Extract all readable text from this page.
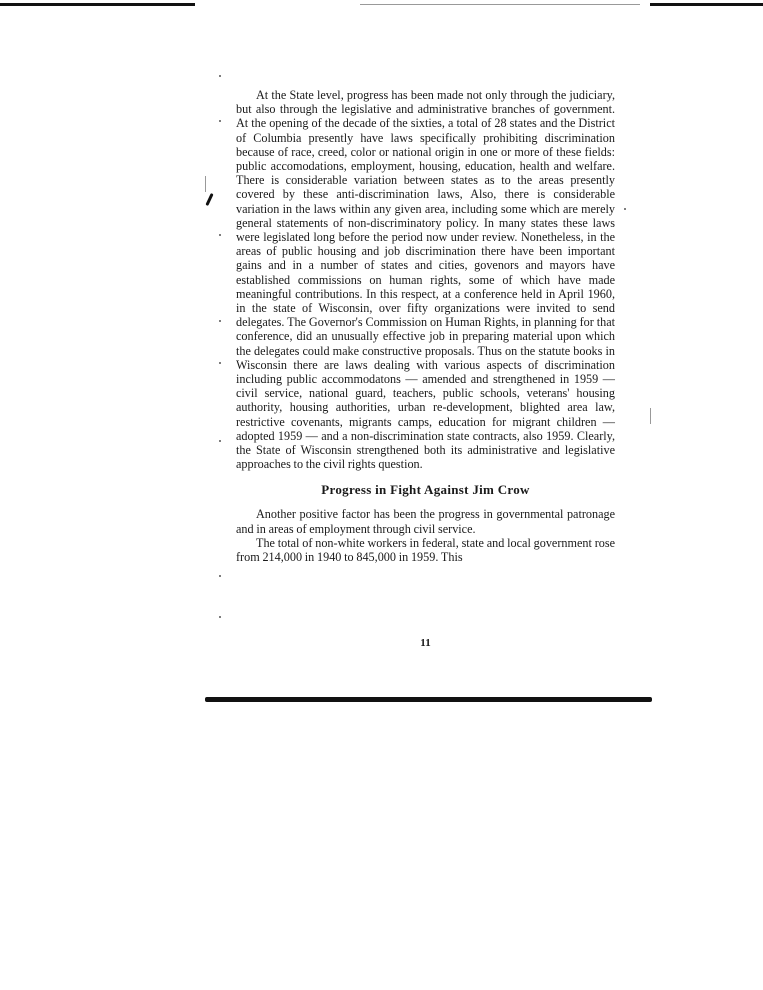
At the State level, progress has been made not only through the judiciary, but also through the legislative and administrative branches of government. At the opening of the decade of the sixties, a total of 28 states and the District of Columbia presently have laws specifically prohibiting discrimination because of race, creed, color or national origin in one or more of these fields: public accomodations, employment, housing, education, health and welfare. There is considerable variation between states as to the areas presently covered by these anti-discrimination laws, Also, there is considerable variation in the laws within any given area, including some which are merely general statements of non-discriminatory policy. In many states these laws were legislated long before the period now under review. Nonetheless, in the areas of public housing and job discrimination there have been important gains and in a number of states and cities, govenors and mayors have established commissions on human rights, some of which have made meaningful contributions. In this respect, at a conference held in April 1960, in the state of Wisconsin, over fifty organizations were invited to send delegates. The Governor's Commission on Human Rights, in planning for that conference, did an unusually effective job in preparing material upon which the delegates could make constructive proposals. Thus on the statute books in Wisconsin there are laws dealing with various aspects of discrimination including public accommodatons — amended and strengthened in 1959 — civil service, national guard, teachers, public schools, veterans' housing authority, housing authorities, urban re-development, blighted area law, restrictive covenants, migrants camps, education for migrant children — adopted 1959 — and a non-discrimination state contracts, also 1959. Clearly, the State of Wisconsin strengthened both its administrative and legislative approaches to the civil rights question.

Progress in Fight Against Jim Crow

Another positive factor has been the progress in governmental patronage and in areas of employment through civil service.

The total of non-white workers in federal, state and local government rose from 214,000 in 1940 to 845,000 in 1959. This

11
